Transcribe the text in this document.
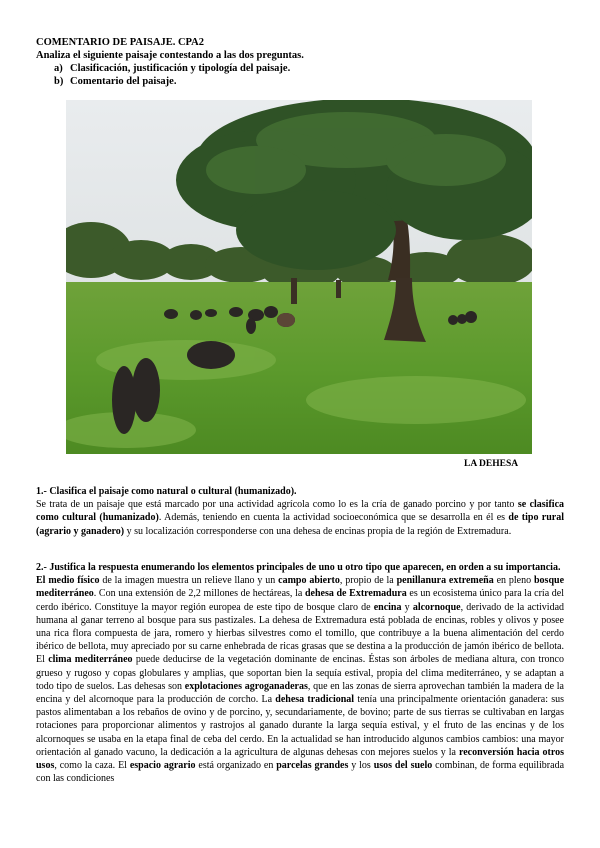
COMENTARIO DE PAISAJE. CPA2
Analiza el siguiente paisaje contestando a las dos preguntas.
a) Clasificación, justificación y tipología del paisaje.
b) Comentario del paisaje.
LA DEHESA

1.- Clasifica el paisaje como natural o cultural (humanizado).

Se trata de un paisaje que está marcado por una actividad agrícola como lo es la cría de ganado porcino y por tanto se clasifica como cultural (humanizado). Además, teniendo en cuenta la actividad socioeconómica que se desarrolla en él es de tipo rural (agrario y ganadero) y su localización corresponderse con una dehesa de encinas propia de la región de Extremadura.

2.- Justifica la respuesta enumerando los elementos principales de uno u otro tipo que aparecen, en orden a su importancia.

El medio físico de la imagen muestra un relieve llano y un campo abierto, propio de la penillanura extremeña en pleno bosque mediterráneo. Con una extensión de 2,2 millones de hectáreas, la dehesa de Extremadura es un ecosistema único para la cría del cerdo ibérico. Constituye la mayor región europea de este tipo de bosque claro de encina y alcornoque, derivado de la actividad humana al ganar terreno al bosque para sus pastizales. La dehesa de Extremadura está poblada de encinas, robles y olivos y posee una rica flora compuesta de jara, romero y hierbas silvestres como el tomillo, que contribuye a la buena alimentación del cerdo ibérico de bellota, muy apreciado por su carne enhebrada de ricas grasas que se destina a la producción de jamón ibérico de bellota. El clima mediterráneo puede deducirse de la vegetación dominante de encinas. Éstas son árboles de mediana altura, con tronco grueso y rugoso y copas globulares y amplias, que soportan bien la sequía estival, propia del clima mediterráneo, y se adaptan a todo tipo de suelos. Las dehesas son explotaciones agroganaderas, que en las zonas de sierra aprovechan también la madera de la encina y del alcornoque para la producción de corcho. La dehesa tradicional tenía una principalmente orientación ganadera: sus pastos alimentaban a los rebaños de ovino y de porcino, y, secundariamente, de bovino; parte de sus tierras se cultivaban en largas rotaciones para proporcionar alimentos y rastrojos al ganado durante la larga sequía estival, y el fruto de las encinas y de los alcornoques se usaba en la etapa final de ceba del cerdo. En la actualidad se han introducido algunos cambios cambios: una mayor orientación al ganado vacuno, la dedicación a la agricultura de algunas dehesas con mejores suelos y la reconversión hacia otros usos, como la caza. El espacio agrario está organizado en parcelas grandes y los usos del suelo combinan, de forma equilibrada con las condiciones
